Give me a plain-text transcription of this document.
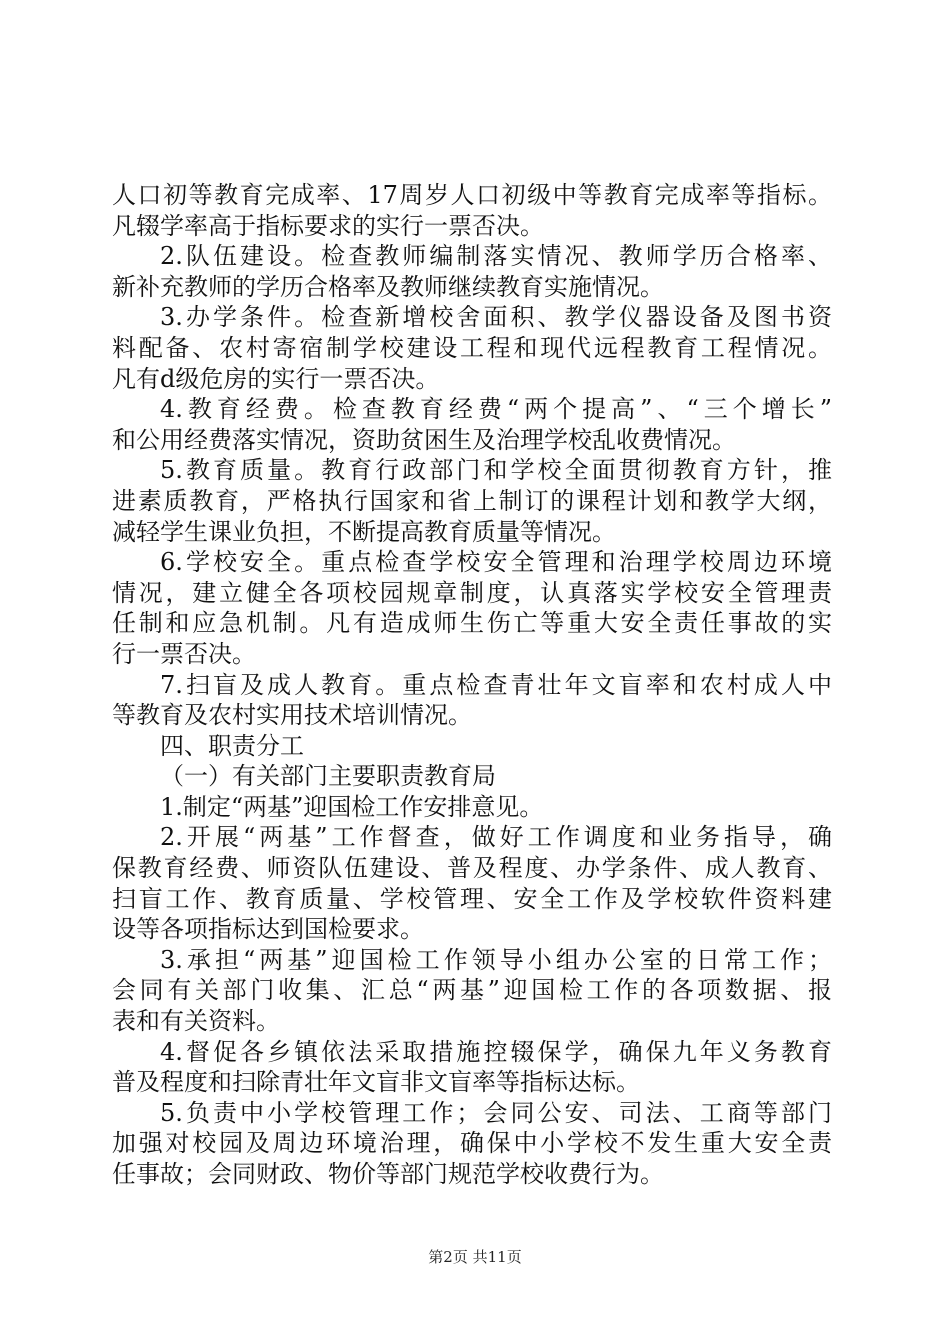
人口初等教育完成率、17周岁人口初级中等教育完成率等指标。
凡辍学率高于指标要求的实行一票否决。
2.队伍建设。检查教师编制落实情况、教师学历合格率、
新补充教师的学历合格率及教师继续教育实施情况。
3.办学条件。检查新增校舍面积、教学仪器设备及图书资
料配备、农村寄宿制学校建设工程和现代远程教育工程情况。
凡有d级危房的实行一票否决。
4.教育经费。检查教育经费“两个提高”、“三个增长”
和公用经费落实情况，资助贫困生及治理学校乱收费情况。
5.教育质量。教育行政部门和学校全面贯彻教育方针，推
进素质教育，严格执行国家和省上制订的课程计划和教学大纲，
减轻学生课业负担，不断提高教育质量等情况。
6.学校安全。重点检查学校安全管理和治理学校周边环境
情况，建立健全各项校园规章制度，认真落实学校安全管理责
任制和应急机制。凡有造成师生伤亡等重大安全责任事故的实
行一票否决。
7.扫盲及成人教育。重点检查青壮年文盲率和农村成人中
等教育及农村实用技术培训情况。
四、职责分工
（一）有关部门主要职责教育局
1.制定“两基”迎国检工作安排意见。
2.开展“两基”工作督查，做好工作调度和业务指导，确
保教育经费、师资队伍建设、普及程度、办学条件、成人教育、
扫盲工作、教育质量、学校管理、安全工作及学校软件资料建
设等各项指标达到国检要求。
3.承担“两基”迎国检工作领导小组办公室的日常工作；
会同有关部门收集、汇总“两基”迎国检工作的各项数据、报
表和有关资料。
4.督促各乡镇依法采取措施控辍保学，确保九年义务教育
普及程度和扫除青壮年文盲非文盲率等指标达标。
5.负责中小学校管理工作；会同公安、司法、工商等部门
加强对校园及周边环境治理，确保中小学校不发生重大安全责
任事故；会同财政、物价等部门规范学校收费行为。
第2页 共11页
